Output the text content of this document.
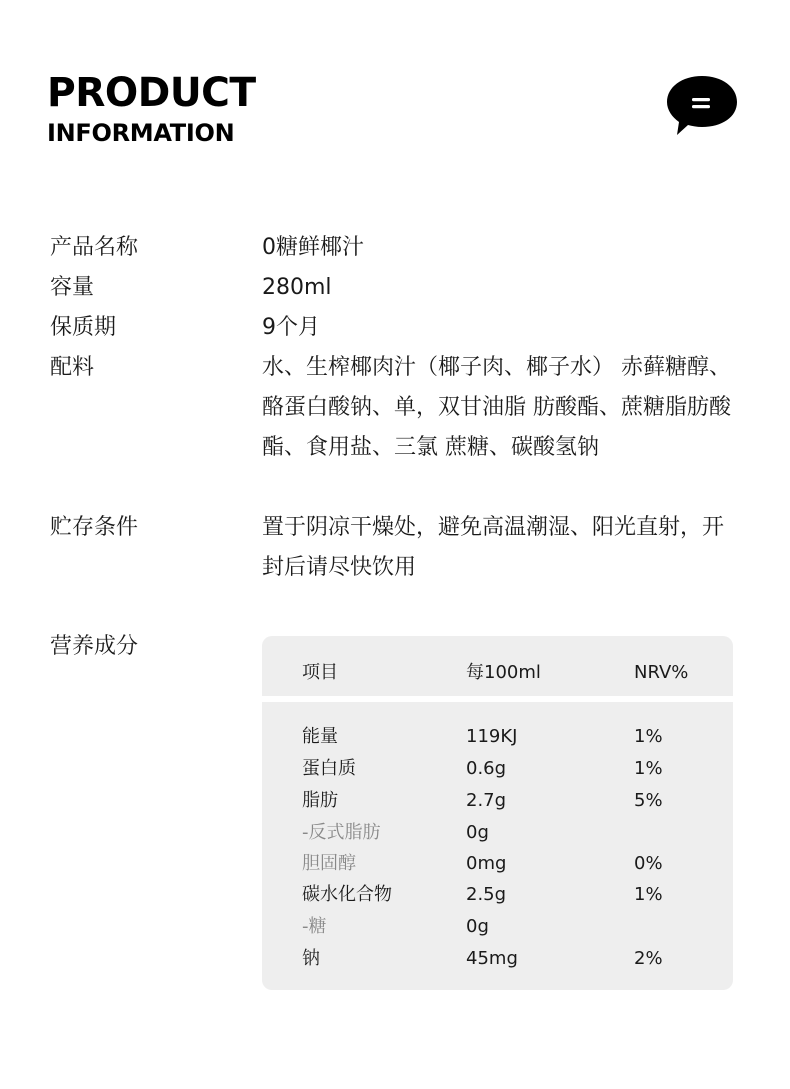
PRODUCT
INFORMATION
产品名称	0糖鲜椰汁
容量	280ml
保质期	9个月
配料	水、生榨椰肉汁（椰子肉、椰子水） 赤藓糖醇、酪蛋白酸钠、单，双甘油脂 肪酸酯、蔗糖脂肪酸酯、食用盐、三氯 蔗糖、碳酸氢钠
贮存条件	置于阴凉干燥处，避免高温潮湿、阳光直射，开封后请尽快饮用
营养成分
项目	每100ml	NRV%
能量	119KJ	1%
蛋白质	0.6g	1%
脂肪	2.7g	5%
-反式脂肪	0g
胆固醇	0mg	0%
碳水化合物	2.5g	1%
-糖	0g
钠	45mg	2%
